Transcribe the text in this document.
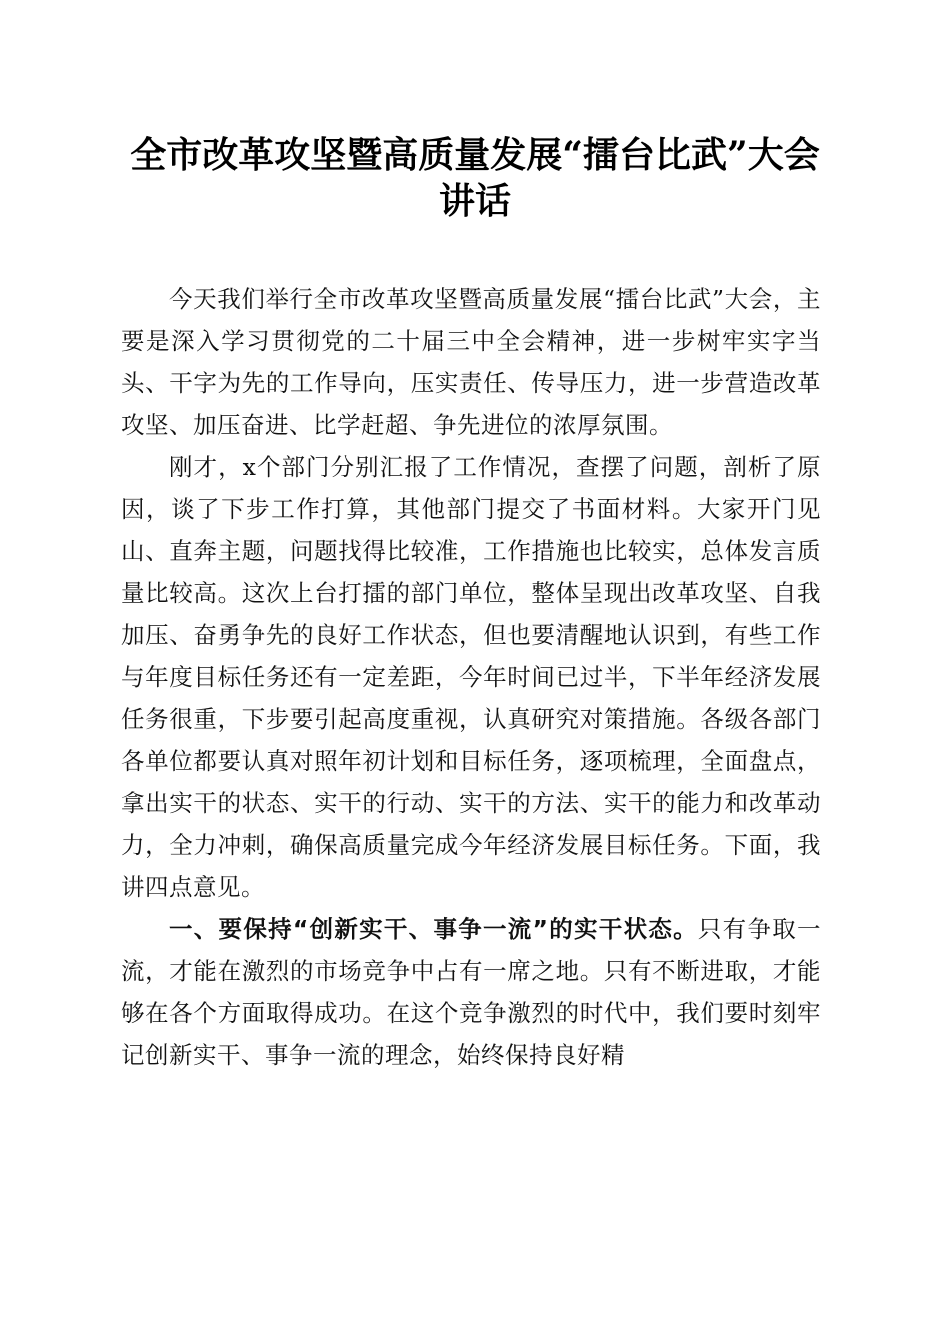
全市改革攻坚暨高质量发展“擂台比武”大会
讲话

今天我们举行全市改革攻坚暨高质量发展“擂台比武”大会，主要是深入学习贯彻党的二十届三中全会精神，进一步树牢实字当头、干字为先的工作导向，压实责任、传导压力，进一步营造改革攻坚、加压奋进、比学赶超、争先进位的浓厚氛围。

刚才，x个部门分别汇报了工作情况，查摆了问题，剖析了原因，谈了下步工作打算，其他部门提交了书面材料。大家开门见山、直奔主题，问题找得比较准，工作措施也比较实，总体发言质量比较高。这次上台打擂的部门单位，整体呈现出改革攻坚、自我加压、奋勇争先的良好工作状态，但也要清醒地认识到，有些工作与年度目标任务还有一定差距，今年时间已过半，下半年经济发展任务很重，下步要引起高度重视，认真研究对策措施。各级各部门各单位都要认真对照年初计划和目标任务，逐项梳理，全面盘点，拿出实干的状态、实干的行动、实干的方法、实干的能力和改革动力，全力冲刺，确保高质量完成今年经济发展目标任务。下面，我讲四点意见。

一、要保持“创新实干、事争一流”的实干状态。只有争取一流，才能在激烈的市场竞争中占有一席之地。只有不断进取，才能够在各个方面取得成功。在这个竞争激烈的时代中，我们要时刻牢记创新实干、事争一流的理念，始终保持良好精
